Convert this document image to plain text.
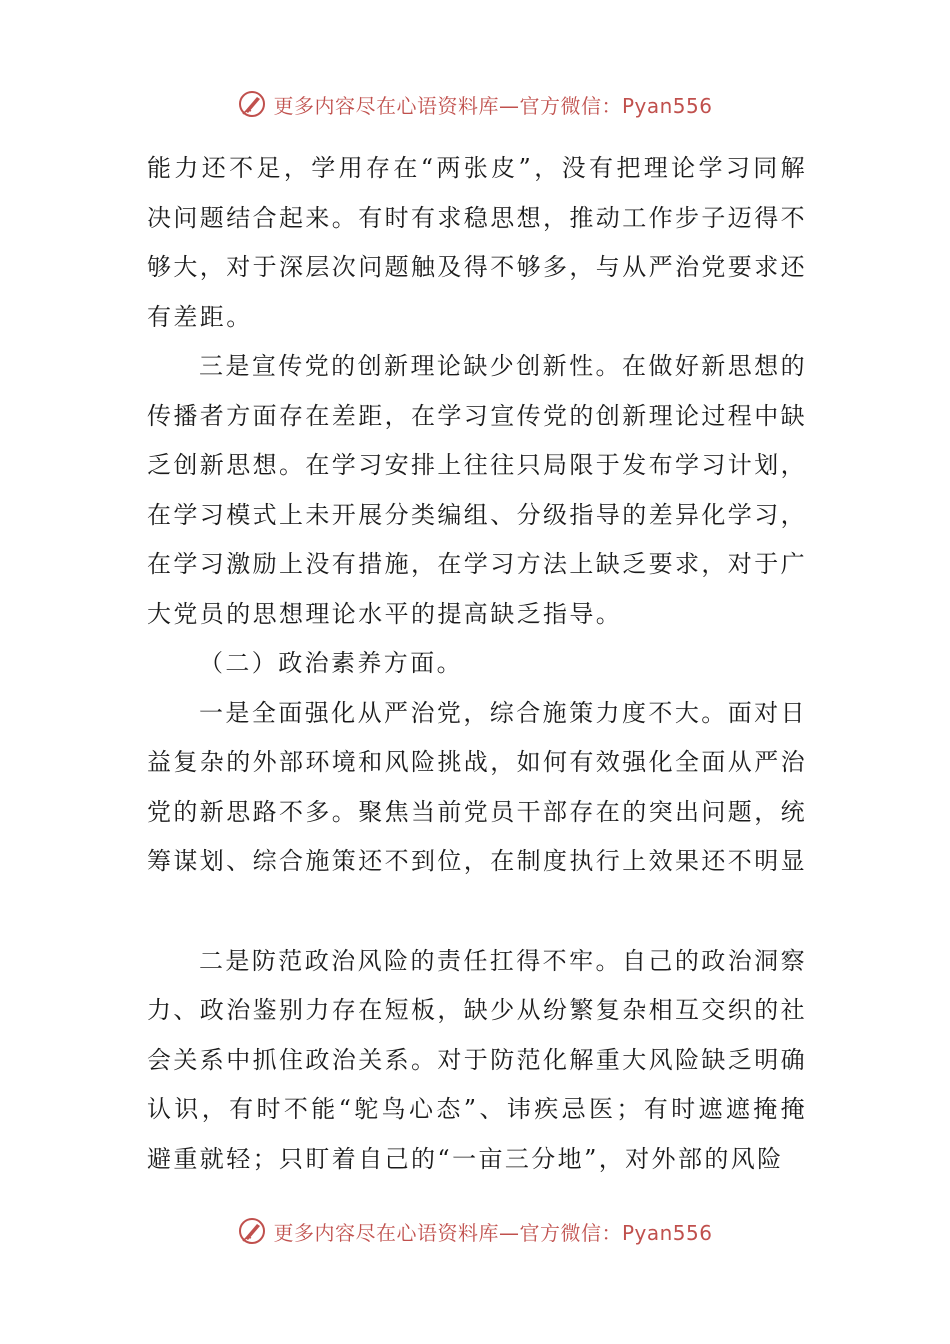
更多内容尽在心语资料库—官方微信：Pyan556

能力还不足，学用存在“两张皮”，没有把理论学习同解决问题结合起来。有时有求稳思想，推动工作步子迈得不够大，对于深层次问题触及得不够多，与从严治党要求还有差距。

三是宣传党的创新理论缺少创新性。在做好新思想的传播者方面存在差距，在学习宣传党的创新理论过程中缺乏创新思想。在学习安排上往往只局限于发布学习计划，在学习模式上未开展分类编组、分级指导的差异化学习，在学习激励上没有措施，在学习方法上缺乏要求，对于广大党员的思想理论水平的提高缺乏指导。

（二）政治素养方面。

一是全面强化从严治党，综合施策力度不大。面对日益复杂的外部环境和风险挑战，如何有效强化全面从严治党的新思路不多。聚焦当前党员干部存在的突出问题，统筹谋划、综合施策还不到位，在制度执行上效果还不明显

二是防范政治风险的责任扛得不牢。自己的政治洞察力、政治鉴别力存在短板，缺少从纷繁复杂相互交织的社会关系中抓住政治关系。对于防范化解重大风险缺乏明确认识，有时不能“鸵鸟心态”、讳疾忌医；有时遮遮掩掩避重就轻；只盯着自己的“一亩三分地”，对外部的风险

更多内容尽在心语资料库—官方微信：Pyan556
